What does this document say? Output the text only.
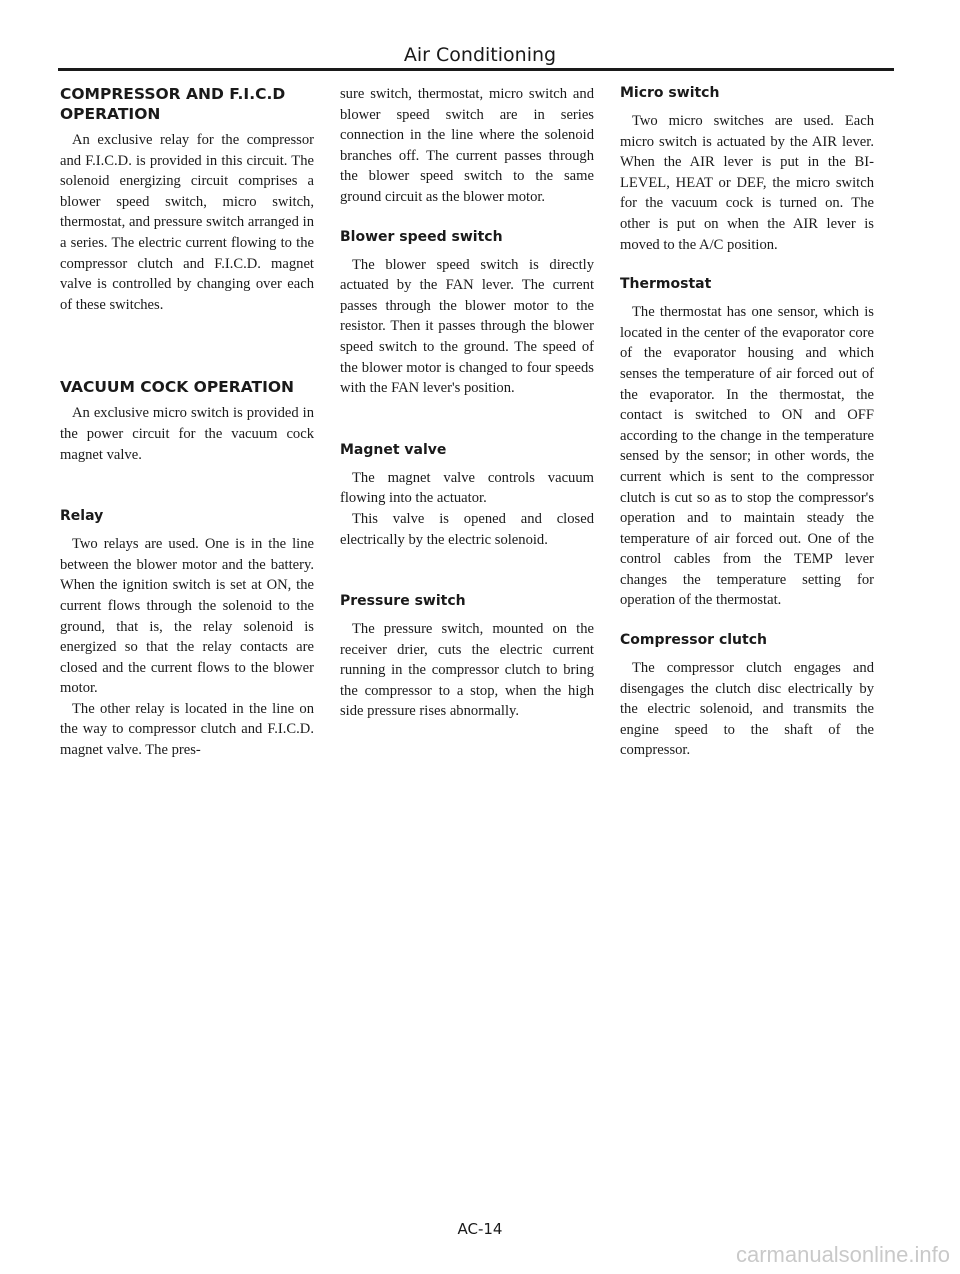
Air Conditioning
COMPRESSOR AND F.I.C.D
OPERATION

An exclusive relay for the compressor and F.I.C.D. is provided in this circuit. The solenoid energizing circuit comprises a blower speed switch, micro switch, thermostat, and pressure switch arranged in a series. The electric current flowing to the compressor clutch and F.I.C.D. magnet valve is controlled by changing over each of these switches.

VACUUM COCK OPERATION

An exclusive micro switch is provided in the power circuit for the vacuum cock magnet valve.

Relay

Two relays are used. One is in the line between the blower motor and the battery. When the ignition switch is set at ON, the current flows through the solenoid to the ground, that is, the relay solenoid is energized so that the relay contacts are closed and the current flows to the blower motor.

The other relay is located in the line on the way to compressor clutch and F.I.C.D. magnet valve. The pres-

sure switch, thermostat, micro switch and blower speed switch are in series connection in the line where the solenoid branches off. The current passes through the blower speed switch to the same ground circuit as the blower motor.

Blower speed switch

The blower speed switch is directly actuated by the FAN lever. The current passes through the blower motor to the resistor. Then it passes through the blower speed switch to the ground. The speed of the blower motor is changed to four speeds with the FAN lever's position.

Magnet valve

The magnet valve controls vacuum flowing into the actuator.

This valve is opened and closed electrically by the electric solenoid.

Pressure switch

The pressure switch, mounted on the receiver drier, cuts the electric current running in the compressor clutch to bring the compressor to a stop, when the high side pressure rises abnormally.

Micro switch

Two micro switches are used. Each micro switch is actuated by the AIR lever. When the AIR lever is put in the BI-LEVEL, HEAT or DEF, the micro switch for the vacuum cock is turned on. The other is put on when the AIR lever is moved to the A/C position.

Thermostat

The thermostat has one sensor, which is located in the center of the evaporator core of the evaporator housing and which senses the temperature of air forced out of the evaporator. In the thermostat, the contact is switched to ON and OFF according to the change in the temperature sensed by the sensor; in other words, the current which is sent to the compressor clutch is cut so as to stop the compressor's operation and to maintain steady the temperature of air forced out. One of the control cables from the TEMP lever changes the temperature setting for operation of the thermostat.

Compressor clutch

The compressor clutch engages and disengages the clutch disc electrically by the electric solenoid, and transmits the engine speed to the shaft of the compressor.

AC-14
carmanualsonline.info
